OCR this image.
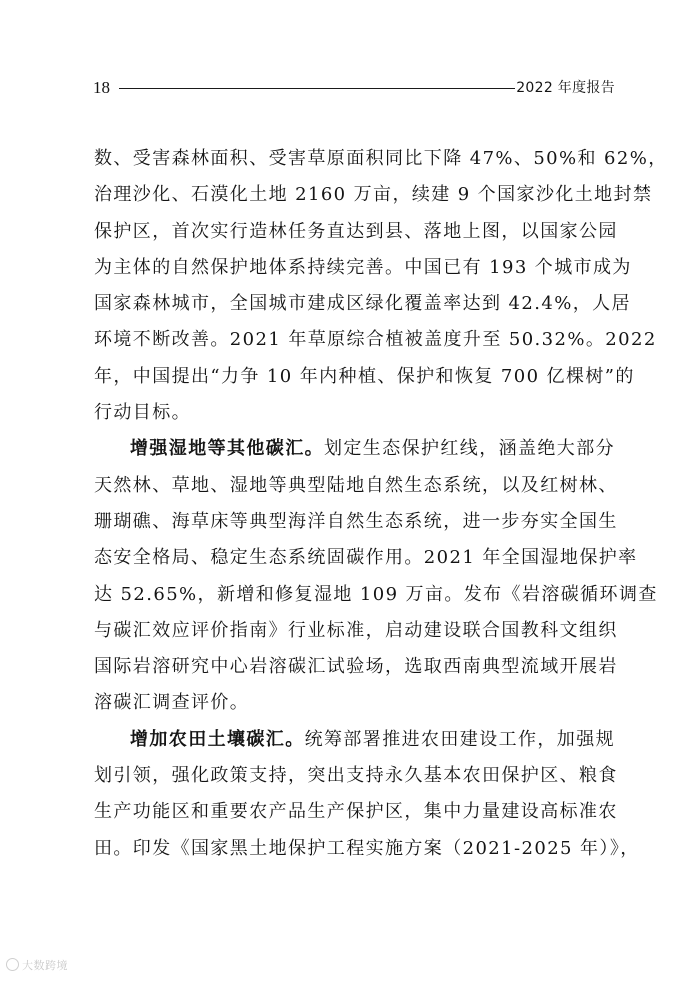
18	2022 年度报告
数、受害森林面积、受害草原面积同比下降 47%、50%和 62%，
治理沙化、石漠化土地 2160 万亩，续建 9 个国家沙化土地封禁
保护区，首次实行造林任务直达到县、落地上图，以国家公园
为主体的自然保护地体系持续完善。中国已有 193 个城市成为
国家森林城市，全国城市建成区绿化覆盖率达到 42.4%，人居
环境不断改善。2021 年草原综合植被盖度升至 50.32%。2022
年，中国提出“力争 10 年内种植、保护和恢复 700 亿棵树”的
行动目标。
增强湿地等其他碳汇。划定生态保护红线，涵盖绝大部分
天然林、草地、湿地等典型陆地自然生态系统，以及红树林、
珊瑚礁、海草床等典型海洋自然生态系统，进一步夯实全国生
态安全格局、稳定生态系统固碳作用。2021 年全国湿地保护率
达 52.65%，新增和修复湿地 109 万亩。发布《岩溶碳循环调查
与碳汇效应评价指南》行业标准，启动建设联合国教科文组织
国际岩溶研究中心岩溶碳汇试验场，选取西南典型流域开展岩
溶碳汇调查评价。
增加农田土壤碳汇。统筹部署推进农田建设工作，加强规
划引领，强化政策支持，突出支持永久基本农田保护区、粮食
生产功能区和重要农产品生产保护区，集中力量建设高标准农
田。印发《国家黑土地保护工程实施方案（2021-2025 年）》，
大数跨境
